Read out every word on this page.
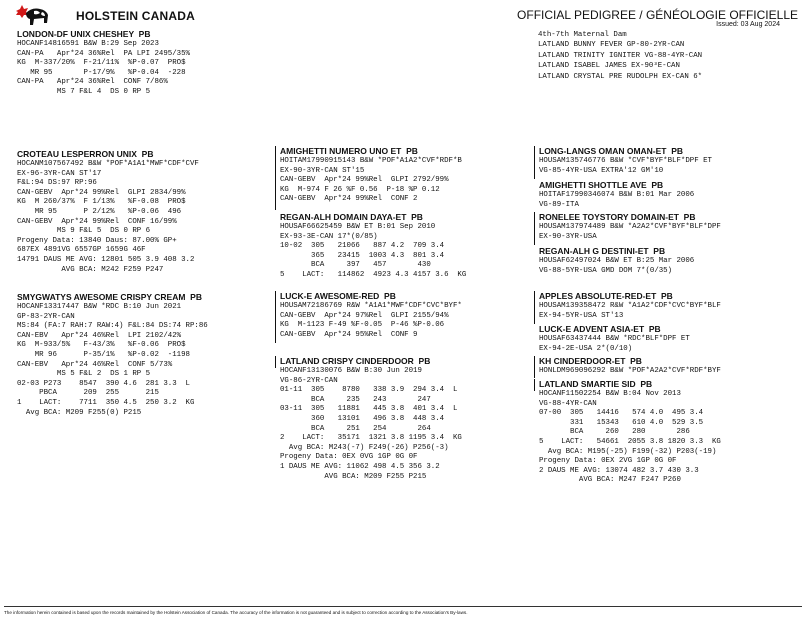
HOLSTEIN CANADA	OFFICIAL PEDIGREE / GÉNÉOLOGIE OFFICIELLE
Issued: 03 Aug 2024
LONDON-DF UNIX CHESHEY  PB
HOCANF14816591 B&W B:29 Sep 2023
CAN-PA   Apr*24 36%Rel  PA LPI 2495/35%
KG  M-337/20%  F-21/11%  %P-0.07  PRO$
MR 95       P-17/9%   %P-0.04  -228
CAN-PA   Apr*24 36%Rel  CONF 7/86%
MS 7 F&L 4  DS 0 RP 5
4th-7th Maternal Dam
LATLAND BUNNY FEVER GP-80-2YR-CAN
LATLAND TRINITY IGNITER VG-88-4YR-CAN
LATLAND ISABEL JAMES EX-90³E-CAN
LATLAND CRYSTAL PRE RUDOLPH EX-CAN 6*
CROTEAU LESPERRON UNIX  PB
HOCANM107567492 B&W *POF*A1A1*MWF*CDF*CVF
EX-96-3YR-CAN ST'17
F&L:94 DS:97 RP:96
CAN-GEBV  Apr*24 99%Rel  GLPI 2834/99%
KG  M 260/37%  F 1/13%   %F-0.08  PRO$
MR 95      P 2/12%   %P-0.06  496
CAN-GEBV  Apr*24 99%Rel  CONF 16/99%
MS 9 F&L 5  DS 0 RP 6
Progeny Data: 13840 Daus: 87.00% GP+
687EX 4891VG 6557GP 1659G 46F
14791 DAUS ME AVG: 12801 505 3.9 408 3.2
AVG BCA: M242 F259 P247
SMYGWATYS AWESOME CRISPY CREAM  PB
HOCANF13317447 B&W *RDC B:10 Jun 2021
GP-83-2YR-CAN
MS:84 (FA:7 RAH:7 RAW:4) F&L:84 DS:74 RP:86
CAN-EBV   Apr*24 46%Rel  LPI 2102/42%
KG  M-933/5%   F-43/3%   %F-0.06  PRO$
MR 96      P-35/1%   %P-0.02  -1198
CAN-EBV   Apr*24 46%Rel  CONF 5/73%
MS 5 F&L 2  DS 1 RP 5
02-03 P273    8547  390 4.6  281 3.3  L
PBCA      209  255      215
1    LACT:    7711  350 4.5  250 3.2  KG
Avg BCA: M209 F255(0) P215
AMIGHETTI NUMERO UNO ET  PB
HOITAM17990915143 B&W *POF*A1A2*CVF*RDF*B
EX-90-3YR-CAN ST'15
CAN-GEBV  Apr*24 99%Rel  GLPI 2792/99%
KG  M-974 F 26 %F 0.56  P-18 %P 0.12
CAN-GEBV  Apr*24 99%Rel  CONF 2
REGAN-ALH DOMAIN DAYA-ET  PB
HOUSAF66625459 B&W ET B:01 Sep 2010
EX-93-3E-CAN 17*(0/85)
10-02  305   21066   887 4.2  709 3.4
365   23415  1003 4.3  801 3.4
BCA     397   457       430
5    LACT:   114862  4923 4.3 4157 3.6  KG
LUCK-E AWESOME-RED  PB
HOUSAM72186769 R&W *A1A1*MWF*CDF*CVC*BYF*
CAN-GEBV  Apr*24 97%Rel  GLPI 2155/94%
KG  M-1123 F-49 %F-0.05  P-46 %P-0.06
CAN-GEBV  Apr*24 95%Rel  CONF 9
LATLAND CRISPY CINDERDOOR  PB
HOCANF13130076 B&W B:30 Jun 2019
VG-86-2YR-CAN
01-11  305    8780   338 3.9  294 3.4  L
BCA     235   243       247
03-11  305   11881   445 3.8  401 3.4  L
360   13101   496 3.8  448 3.4
BCA     251   254       264
2    LACT:   35171  1321 3.8 1195 3.4  KG
Avg BCA: M243(-7) F249(-26) P256(-3)
Progeny Data: 0EX 0VG 1GP 0G 0F
1 DAUS ME AVG: 11062 498 4.5 356 3.2
AVG BCA: M209 F255 P215
LONG-LANGS OMAN OMAN-ET  PB
HOUSAM135746776 B&W *CVF*BYF*BLF*DPF ET
VG-85-4YR-USA EXTRA'12 GM'10
AMIGHETTI SHOTTLE AVE  PB
HOITAF17990346074 B&W B:01 Mar 2006
VG-89-ITA
RONELEE TOYSTORY DOMAIN-ET  PB
HOUSAM137974489 B&W *A2A2*CVF*BYF*BLF*DPF
EX-90-3YR-USA
REGAN-ALH G DESTINI-ET  PB
HOUSAF62497024 B&W ET B:25 Mar 2006
VG-88-5YR-USA GMD DOM 7*(0/35)
APPLES ABSOLUTE-RED-ET  PB
HOUSAM139358472 R&W *A1A2*CDF*CVC*BYF*BLF
EX-94-5YR-USA ST'13
LUCK-E ADVENT ASIA-ET  PB
HOUSAF63437444 B&W *RDC*BLF*DPF ET
EX-94-2E-USA 2*(0/10)
KH CINDERDOOR-ET  PB
HONLDM969096292 B&W *POF*A2A2*CVF*RDF*BYF
LATLAND SMARTIE SID  PB
HOCANF11502254 B&W B:04 Nov 2013
VG-88-4YR-CAN
07-00  305   14416   574 4.0  495 3.4
331   15343   610 4.0  529 3.5
BCA     260   280       286
5    LACT:   54661  2055 3.8 1820 3.3  KG
Avg BCA: M195(-25) F199(-32) P203(-19)
Progeny Data: 0EX 2VG 1GP 0G 0F
2 DAUS ME AVG: 13074 482 3.7 430 3.3
AVG BCA: M247 F247 P260
The information herein contained is based upon the records maintained by the Holstein Association of Canada. The accuracy of the information is not guaranteed and is subject to correction according to the Association's By-laws.
